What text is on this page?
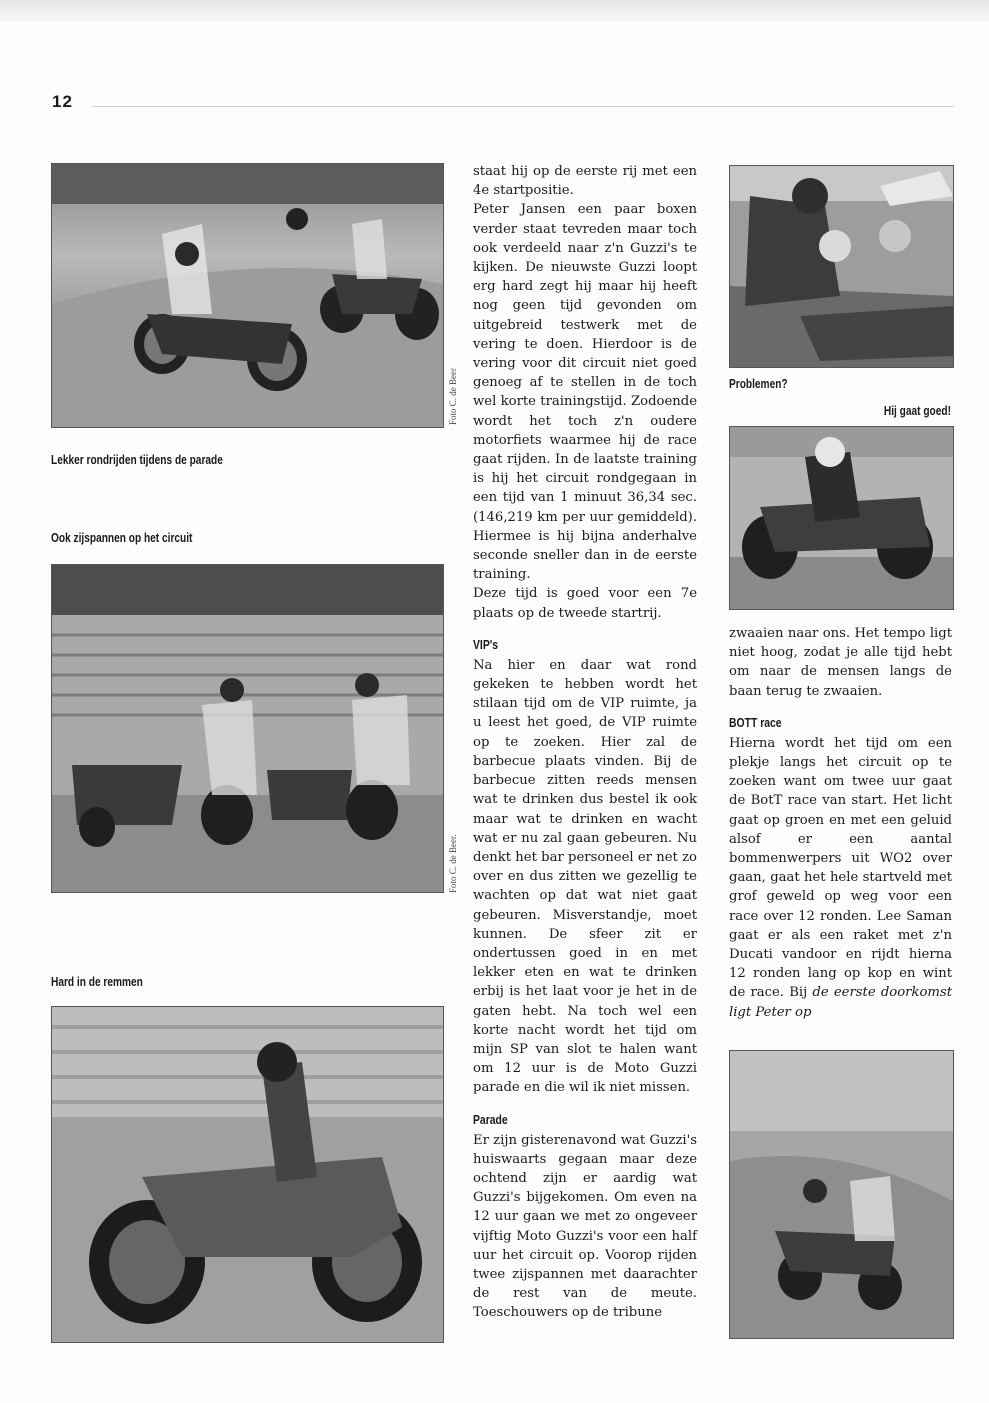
12
Foto C. de Beer
Lekker rondrijden tijdens de parade
Ook zijspannen op het circuit
Foto C. de Beer.
Hard in de remmen

staat hij op de eerste rij met een 4e startpositie.

Peter Jansen een paar boxen verder staat tevreden maar toch ook verdeeld naar z'n Guzzi's te kijken. De nieuwste Guzzi loopt erg hard zegt hij maar hij heeft nog geen tijd gevonden om uitgebreid testwerk met de vering te doen. Hierdoor is de vering voor dit circuit niet goed genoeg af te stellen in de toch wel korte trainingstijd. Zodoende wordt het toch z'n oudere motorfiets waarmee hij de race gaat rijden. In de laatste training is hij het circuit rondgegaan in een tijd van 1 minuut 36,34 sec. (146,219 km per uur gemiddeld). Hiermee is hij bijna anderhalve seconde sneller dan in de eerste training.

Deze tijd is goed voor een 7e plaats op de tweede startrij.

VIP's

Na hier en daar wat rond gekeken te hebben wordt het stilaan tijd om de VIP ruimte, ja u leest het goed, de VIP ruimte op te zoeken. Hier zal de barbecue plaats vinden. Bij de barbecue zitten reeds mensen wat te drinken dus bestel ik ook maar wat te drinken en wacht wat er nu zal gaan gebeuren. Nu denkt het bar personeel er net zo over en dus zitten we gezellig te wachten op dat wat niet gaat gebeuren. Misverstandje, moet kunnen. De sfeer zit er ondertussen goed in en met lekker eten en wat te drinken erbij is het laat voor je het in de gaten hebt. Na toch wel een korte nacht wordt het tijd om mijn SP van slot te halen want om 12 uur is de Moto Guzzi parade en die wil ik niet missen.

Parade

Er zijn gisterenavond wat Guzzi's huiswaarts gegaan maar deze ochtend zijn er aardig wat Guzzi's bijgekomen. Om even na 12 uur gaan we met zo ongeveer vijftig Moto Guzzi's voor een half uur het circuit op. Voorop rijden twee zijspannen met daarachter de rest van de meute. Toeschouwers op de tribune

Problemen?
Hij gaat goed!

zwaaien naar ons. Het tempo ligt niet hoog, zodat je alle tijd hebt om naar de mensen langs de baan terug te zwaaien.

BOTT race

Hierna wordt het tijd om een plekje langs het circuit op te zoeken want om twee uur gaat de BotT race van start. Het licht gaat op groen en met een geluid alsof er een aantal bommenwerpers uit WO2 over gaan, gaat het hele startveld met grof geweld op weg voor een race over 12 ronden. Lee Saman gaat er als een raket met z'n Ducati vandoor en rijdt hierna 12 ronden lang op kop en wint de race. Bij de eerste doorkomst ligt Peter op
